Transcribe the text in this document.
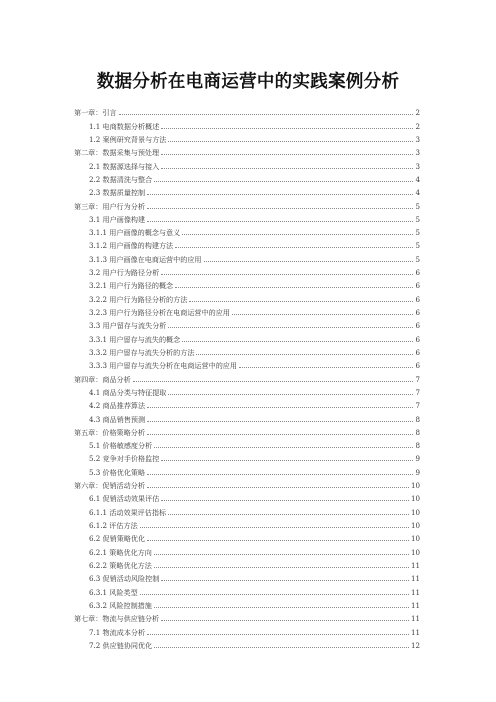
数据分析在电商运营中的实践案例分析
第一章：引言	2
1.1 电商数据分析概述	2
1.2 案例研究背景与方法	3
第二章：数据采集与预处理	3
2.1 数据源选择与接入	3
2.2 数据清洗与整合	4
2.3 数据质量控制	4
第三章：用户行为分析	5
3.1 用户画像构建	5
3.1.1 用户画像的概念与意义	5
3.1.2 用户画像的构建方法	5
3.1.3 用户画像在电商运营中的应用	5
3.2 用户行为路径分析	6
3.2.1 用户行为路径的概念	6
3.2.2 用户行为路径分析的方法	6
3.2.3 用户行为路径分析在电商运营中的应用	6
3.3 用户留存与流失分析	6
3.3.1 用户留存与流失的概念	6
3.3.2 用户留存与流失分析的方法	6
3.3.3 用户留存与流失分析在电商运营中的应用	6
第四章：商品分析	7
4.1 商品分类与特征提取	7
4.2 商品推荐算法	7
4.3 商品销售预测	8
第五章：价格策略分析	8
5.1 价格敏感度分析	8
5.2 竞争对手价格监控	9
5.3 价格优化策略	9
第六章：促销活动分析	10
6.1 促销活动效果评估	10
6.1.1 活动效果评估指标	10
6.1.2 评估方法	10
6.2 促销策略优化	10
6.2.1 策略优化方向	10
6.2.2 策略优化方法	11
6.3 促销活动风险控制	11
6.3.1 风险类型	11
6.3.2 风险控制措施	11
第七章：物流与供应链分析	11
7.1 物流成本分析	11
7.2 供应链协同优化	12
